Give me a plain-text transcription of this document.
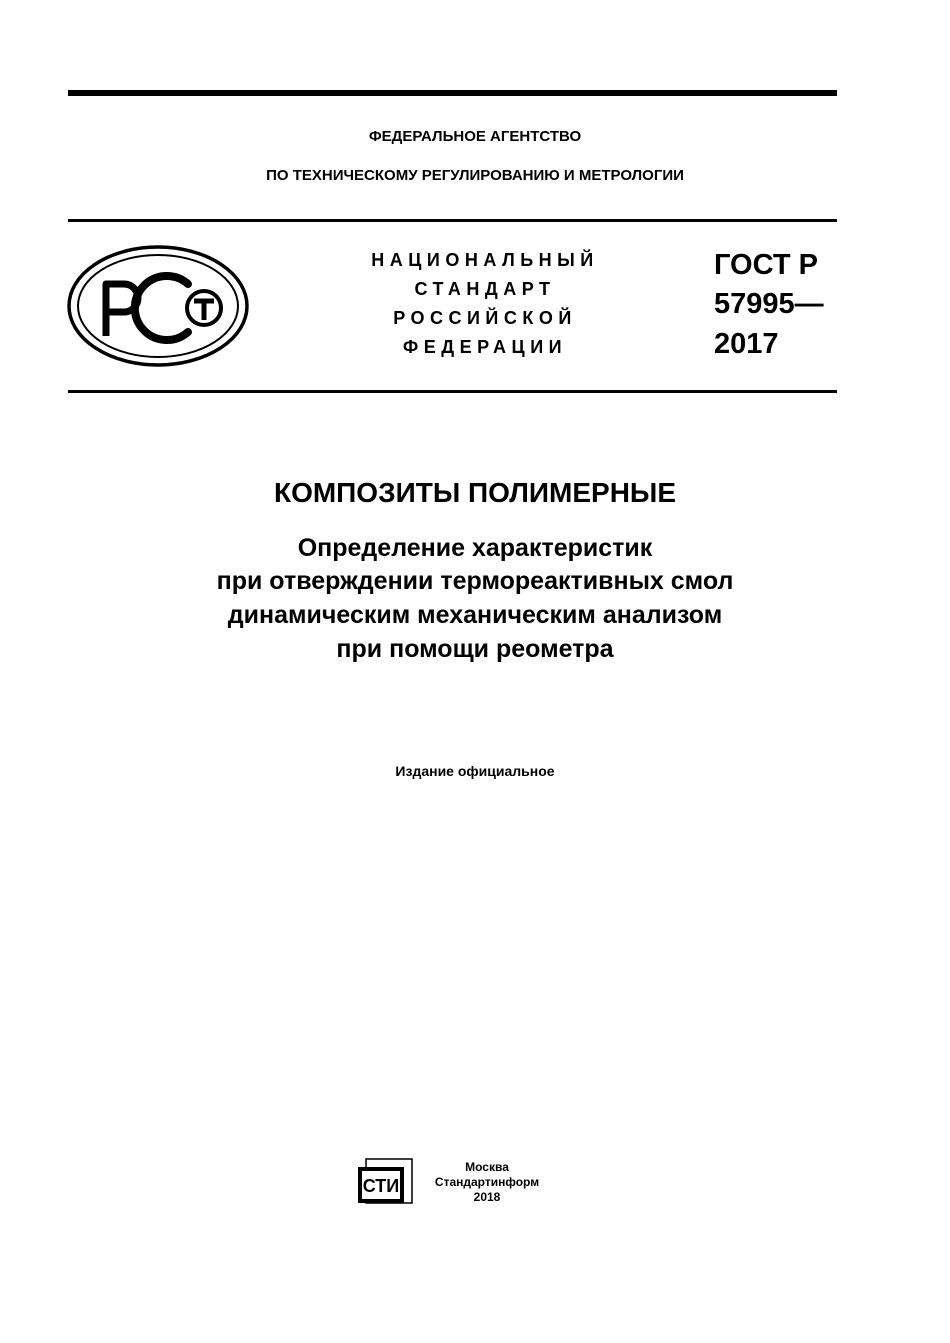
ФЕДЕРАЛЬНОЕ АГЕНТСТВО
ПО ТЕХНИЧЕСКОМУ РЕГУЛИРОВАНИЮ И МЕТРОЛОГИИ
НАЦИОНАЛЬНЫЙ
СТАНДАРТ
РОССИЙСКОЙ
ФЕДЕРАЦИИ
ГОСТ Р
57995—
2017
КОМПОЗИТЫ ПОЛИМЕРНЫЕ
Определение характеристик
при отверждении термореактивных смол
динамическим механическим анализом
при помощи реометра
Издание официальное
СТИ
Москва
Стандартинформ
2018
